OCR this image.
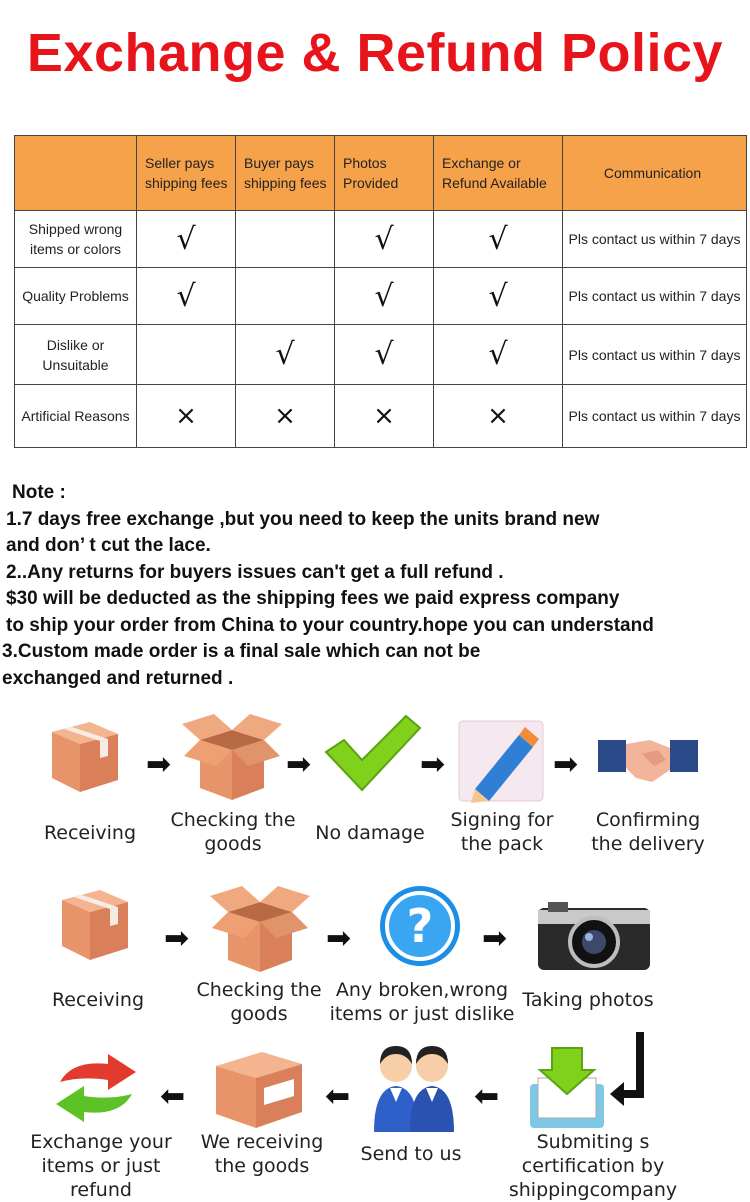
Exchange & Refund Policy
	Seller pays shipping fees	Buyer pays shipping fees	Photos Provided	Exchange or Refund Available	Communication
Shipped wrong items or colors	√		√	√	Pls contact us within 7 days
Quality Problems	√		√	√	Pls contact us within 7 days
Dislike or Unsuitable		√	√	√	Pls contact us within 7 days
Artificial Reasons	×	×	×	×	Pls contact us within 7 days
Note :
1.7 days free exchange ,but you need to keep the units brand new
and don’ t cut the lace.
2..Any returns for buyers issues can't get a full refund .
$30 will be deducted as the shipping fees we paid express company
to ship your order from China to your country.hope you can understand
3.Custom made order is a final sale which can not be
exchanged and returned .
➡	➡	➡	➡
Receiving
Checking the goods	No damage
Signing for the pack
Confirming the delivery
➡	➡ ? ➡
Receiving	Checking the goods
Any broken,wrong items or just dislike
Taking photos
⬅	⬅	⬅
Exchange your items or just refund
We receiving the goods
Send to us
Submiting s certification by shippingcompany
